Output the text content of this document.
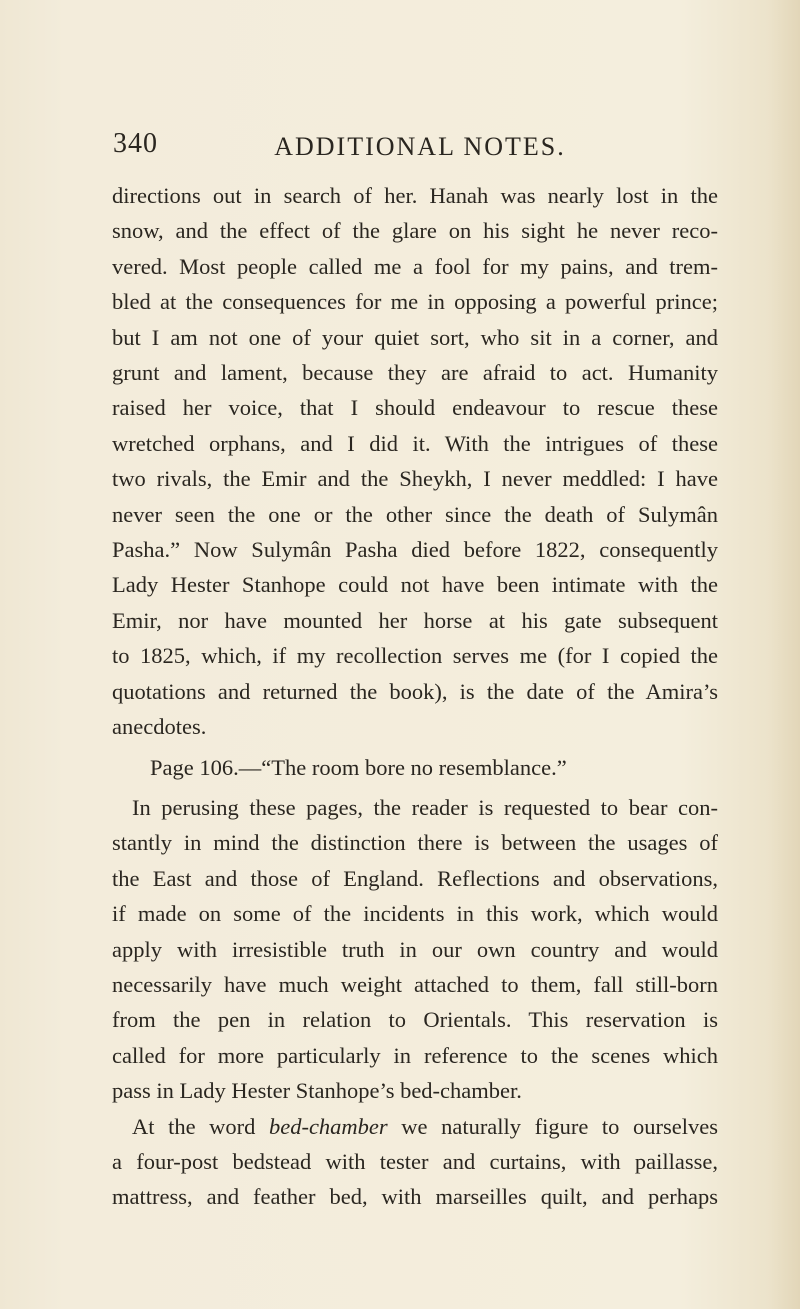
340	ADDITIONAL NOTES.

directions out in search of her. Hanah was nearly lost in the

snow, and the effect of the glare on his sight he never reco-

vered. Most people called me a fool for my pains, and trem-

bled at the consequences for me in opposing a powerful prince;

but I am not one of your quiet sort, who sit in a corner, and

grunt and lament, because they are afraid to act. Humanity

raised her voice, that I should endeavour to rescue these

wretched orphans, and I did it. With the intrigues of these

two rivals, the Emir and the Sheykh, I never meddled: I have

never seen the one or the other since the death of Sulymân

Pasha.” Now Sulymân Pasha died before 1822, consequently

Lady Hester Stanhope could not have been intimate with the

Emir, nor have mounted her horse at his gate subsequent

to 1825, which, if my recollection serves me (for I copied the

quotations and returned the book), is the date of the Amira’s

anecdotes.

Page 106.—“The room bore no resemblance.”

In perusing these pages, the reader is requested to bear con-

stantly in mind the distinction there is between the usages of

the East and those of England. Reflections and observations,

if made on some of the incidents in this work, which would

apply with irresistible truth in our own country and would

necessarily have much weight attached to them, fall still-born

from the pen in relation to Orientals. This reservation is

called for more particularly in reference to the scenes which

pass in Lady Hester Stanhope’s bed-chamber.

At the word bed-chamber we naturally figure to ourselves

a four-post bedstead with tester and curtains, with paillasse,

mattress, and feather bed, with marseilles quilt, and perhaps
